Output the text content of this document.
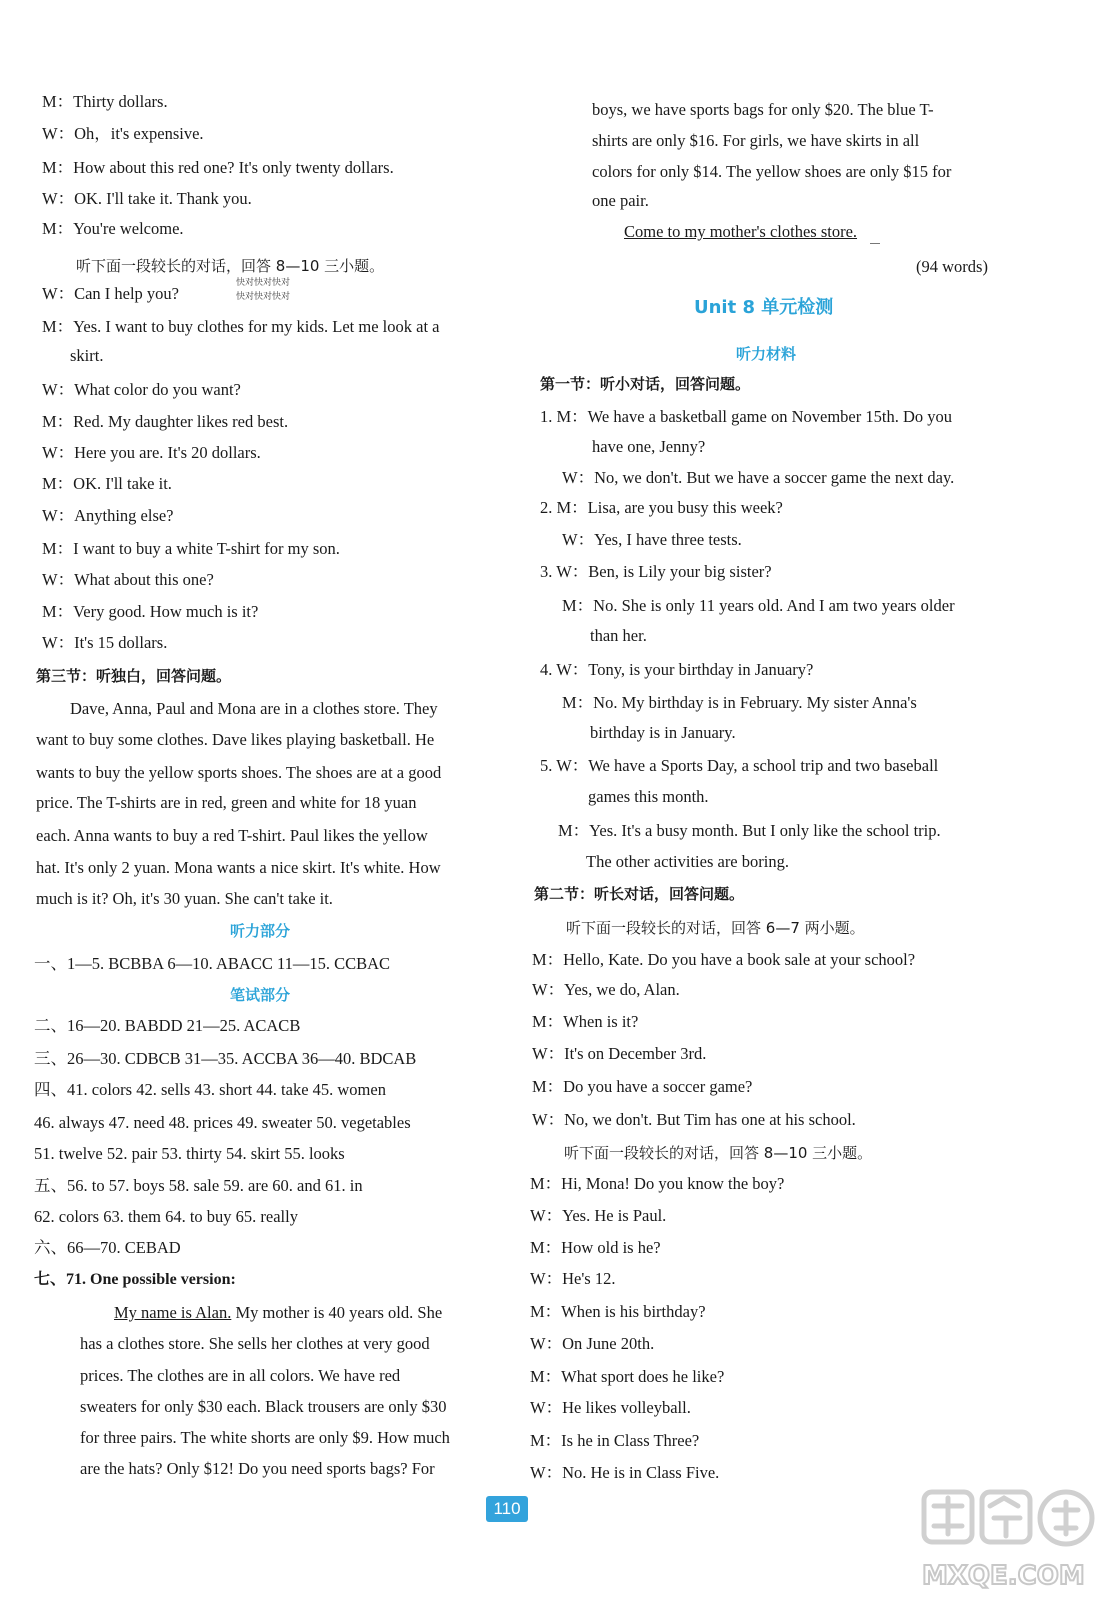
M：Thirty dollars.
W：Oh，it's expensive.
M：How about this red one? It's only twenty dollars.
W：OK. I'll take it. Thank you.
M：You're welcome.
听下面一段较长的对话，回答 8—10 三小题。
W：Can I help you?
快对快对快对
快对快对快对
M：Yes. I want to buy clothes for my kids. Let me look at a
skirt.
W：What color do you want?
M：Red. My daughter likes red best.
W：Here you are. It's 20 dollars.
M：OK. I'll take it.
W：Anything else?
M：I want to buy a white T-shirt for my son.
W：What about this one?
M：Very good. How much is it?
W：It's 15 dollars.
第三节：听独白，回答问题。
Dave, Anna, Paul and Mona are in a clothes store. They
want to buy some clothes. Dave likes playing basketball. He
wants to buy the yellow sports shoes. The shoes are at a good
price. The T-shirts are in red, green and white for 18 yuan
each. Anna wants to buy a red T-shirt. Paul likes the yellow
hat. It's only 2 yuan. Mona wants a nice skirt. It's white. How
much is it? Oh, it's 30 yuan. She can't take it.
听力部分
一、1—5. BCBBA 6—10. ABACC 11—15. CCBAC
笔试部分
二、16—20. BABDD 21—25. ACACB
三、26—30. CDBCB 31—35. ACCBA 36—40. BDCAB
四、41. colors 42. sells 43. short 44. take 45. women
46. always 47. need 48. prices 49. sweater 50. vegetables
51. twelve 52. pair 53. thirty 54. skirt 55. looks
五、56. to 57. boys 58. sale 59. are 60. and 61. in
62. colors 63. them 64. to buy 65. really
六、66—70. CEBAD
七、71. One possible version:
My name is Alan. My mother is 40 years old. She
has a clothes store. She sells her clothes at very good
prices. The clothes are in all colors. We have red
sweaters for only $30 each. Black trousers are only $30
for three pairs. The white shorts are only $9. How much
are the hats? Only $12! Do you need sports bags? For
boys, we have sports bags for only $20. The blue T-
shirts are only $16. For girls, we have skirts in all
colors for only $14. The yellow shoes are only $15 for
one pair.
Come to my mother's clothes store.
(94 words)
Unit 8 单元检测
听力材料
第一节：听小对话，回答问题。
1. M：We have a basketball game on November 15th. Do you
have one, Jenny?
W：No, we don't. But we have a soccer game the next day.
2. M：Lisa, are you busy this week?
W：Yes, I have three tests.
3. W：Ben, is Lily your big sister?
M：No. She is only 11 years old. And I am two years older
than her.
4. W：Tony, is your birthday in January?
M：No. My birthday is in February. My sister Anna's
birthday is in January.
5. W：We have a Sports Day, a school trip and two baseball
games this month.
M：Yes. It's a busy month. But I only like the school trip.
The other activities are boring.
第二节：听长对话，回答问题。
听下面一段较长的对话，回答 6—7 两小题。
M：Hello, Kate. Do you have a book sale at your school?
W：Yes, we do, Alan.
M：When is it?
W：It's on December 3rd.
M：Do you have a soccer game?
W：No, we don't. But Tim has one at his school.
听下面一段较长的对话，回答 8—10 三小题。
M：Hi, Mona! Do you know the boy?
W：Yes. He is Paul.
M：How old is he?
W：He's 12.
M：When is his birthday?
W：On June 20th.
M：What sport does he like?
W：He likes volleyball.
M：Is he in Class Three?
W：No. He is in Class Five.
110
MXQE.COM
